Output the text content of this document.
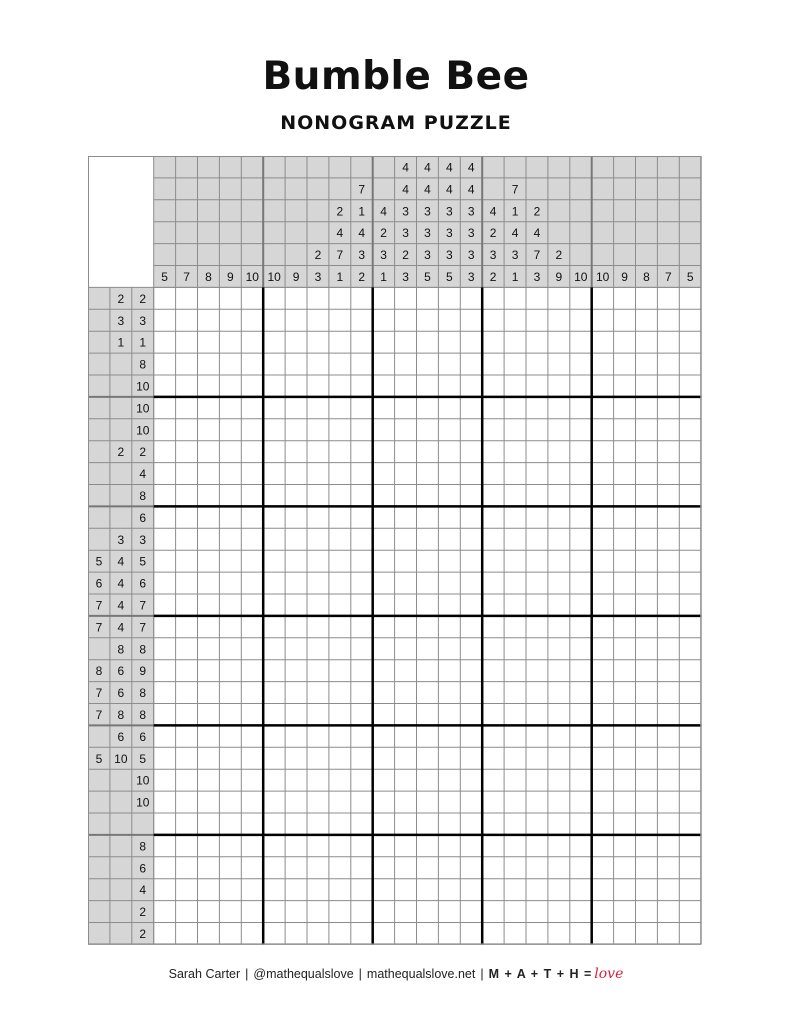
Bumble Bee
NONOGRAM PUZZLE
5 7 8 9 10 10 9
2
3
2
4
7
1
7
1
4
3
2
4
2
3
1
4
4
3
3
2
3
4
4
3
3
3
5
4
4
3
3
3
5
4
4
3
3
3
3
4
2
3
2
7
1
4
3
1
2
4
7
3
2
9 10 10 9 8 7 5
2 2
3 3
1 1
8
10
10
10
2 2
4
8
6
3 3
5 4 5
6 4 6
7 4 7
7 4 7
8 8
8 6 9
7 6 8
7 8 8
6 6
5 10 5
10
10
8
6
4
2
2
Sarah Carter | @mathequalslove | mathequalslove.net | M + A + T + H = love
